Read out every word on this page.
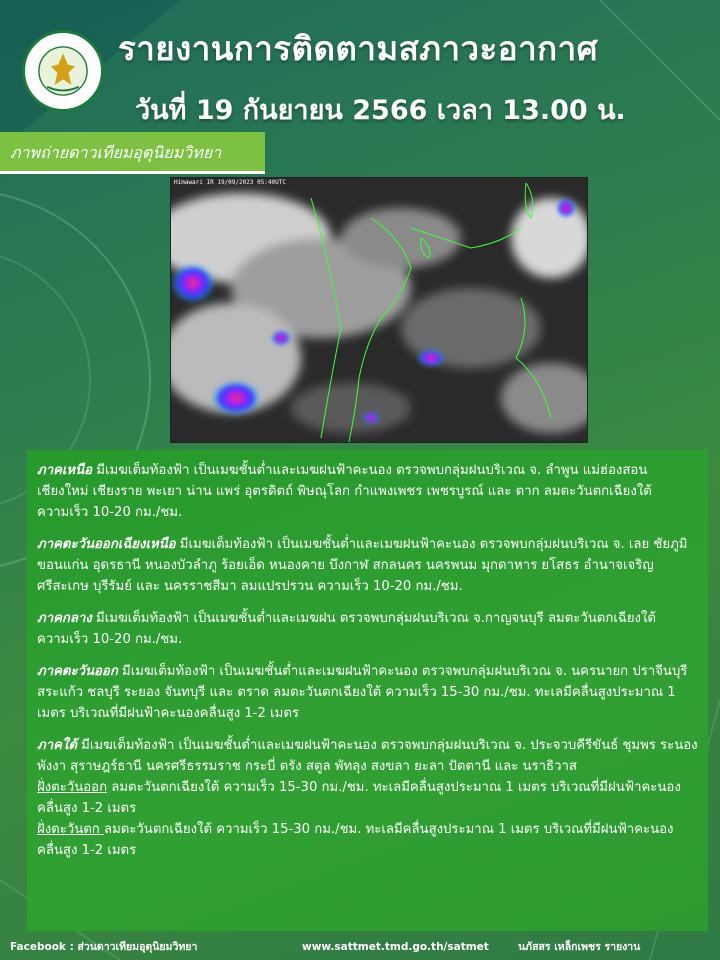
รายงานการติดตามสภาวะอากาศ
วันที่ 19 กันยายน 2566 เวลา 13.00 น.
ภาพถ่ายดาวเทียมอุตุนิยมวิทยา
Himawari IR 19/09/2023 05:40UTC
ภาคเหนือ มีเมฆเต็มท้องฟ้า เป็นเมฆชั้นต่ำและเมฆฝนฟ้าคะนอง ตรวจพบกลุ่มฝนบริเวณ จ. ลำพูน แม่ฮ่องสอน เชียงใหม่ เชียงราย พะเยา น่าน แพร่ อุตรดิตถ์ พิษณุโลก กำแพงเพชร เพชรบูรณ์ และ ตาก ลมตะวันตกเฉียงใต้ ความเร็ว 10-20 กม./ชม.
ภาคตะวันออกเฉียงเหนือ มีเมฆเต็มท้องฟ้า เป็นเมฆชั้นต่ำและเมฆฝนฟ้าคะนอง ตรวจพบกลุ่มฝนบริเวณ จ. เลย ชัยภูมิ ขอนแก่น อุดรธานี หนองบัวลำภู ร้อยเอ็ด หนองคาย บึงกาฬ สกลนคร นครพนม มุกดาหาร ยโสธร อำนาจเจริญ ศรีสะเกษ บุรีรัมย์ และ นครราชสีมา ลมแปรปรวน ความเร็ว 10-20 กม./ชม.
ภาคกลาง มีเมฆเต็มท้องฟ้า เป็นเมฆชั้นต่ำและเมฆฝน ตรวจพบกลุ่มฝนบริเวณ จ.กาญจนบุรี ลมตะวันตกเฉียงใต้ ความเร็ว 10-20 กม./ชม.
ภาคตะวันออก มีเมฆเต็มท้องฟ้า เป็นเมฆชั้นต่ำและเมฆฝนฟ้าคะนอง ตรวจพบกลุ่มฝนบริเวณ จ. นครนายก ปราจีนบุรี สระแก้ว ชลบุรี ระยอง จันทบุรี และ ตราด ลมตะวันตกเฉียงใต้ ความเร็ว 15-30 กม./ชม. ทะเลมีคลื่นสูงประมาณ 1 เมตร บริเวณที่มีฝนฟ้าคะนองคลื่นสูง 1-2 เมตร
ภาคใต้ มีเมฆเต็มท้องฟ้า เป็นเมฆชั้นต่ำและเมฆฝนฟ้าคะนอง ตรวจพบกลุ่มฝนบริเวณ จ. ประจวบคีรีขันธ์ ชุมพร ระนอง พังงา สุราษฎร์ธานี นครศรีธรรมราช กระบี่ ตรัง สตูล พัทลุง สงขลา ยะลา ปัตตานี และ นราธิวาส
ฝั่งตะวันออก ลมตะวันตกเฉียงใต้ ความเร็ว 15-30 กม./ชม. ทะเลมีคลื่นสูงประมาณ 1 เมตร บริเวณที่มีฝนฟ้าคะนองคลื่นสูง 1-2 เมตร
ฝั่งตะวันตก ลมตะวันตกเฉียงใต้ ความเร็ว 15-30 กม./ชม. ทะเลมีคลื่นสูงประมาณ 1 เมตร บริเวณที่มีฝนฟ้าคะนองคลื่นสูง 1-2 เมตร
Facebook : ส่วนดาวเทียมอุตุนิยมวิทยา	www.sattmet.tmd.go.th/satmet	นภัสสร เหล็กเพชร รายงาน
